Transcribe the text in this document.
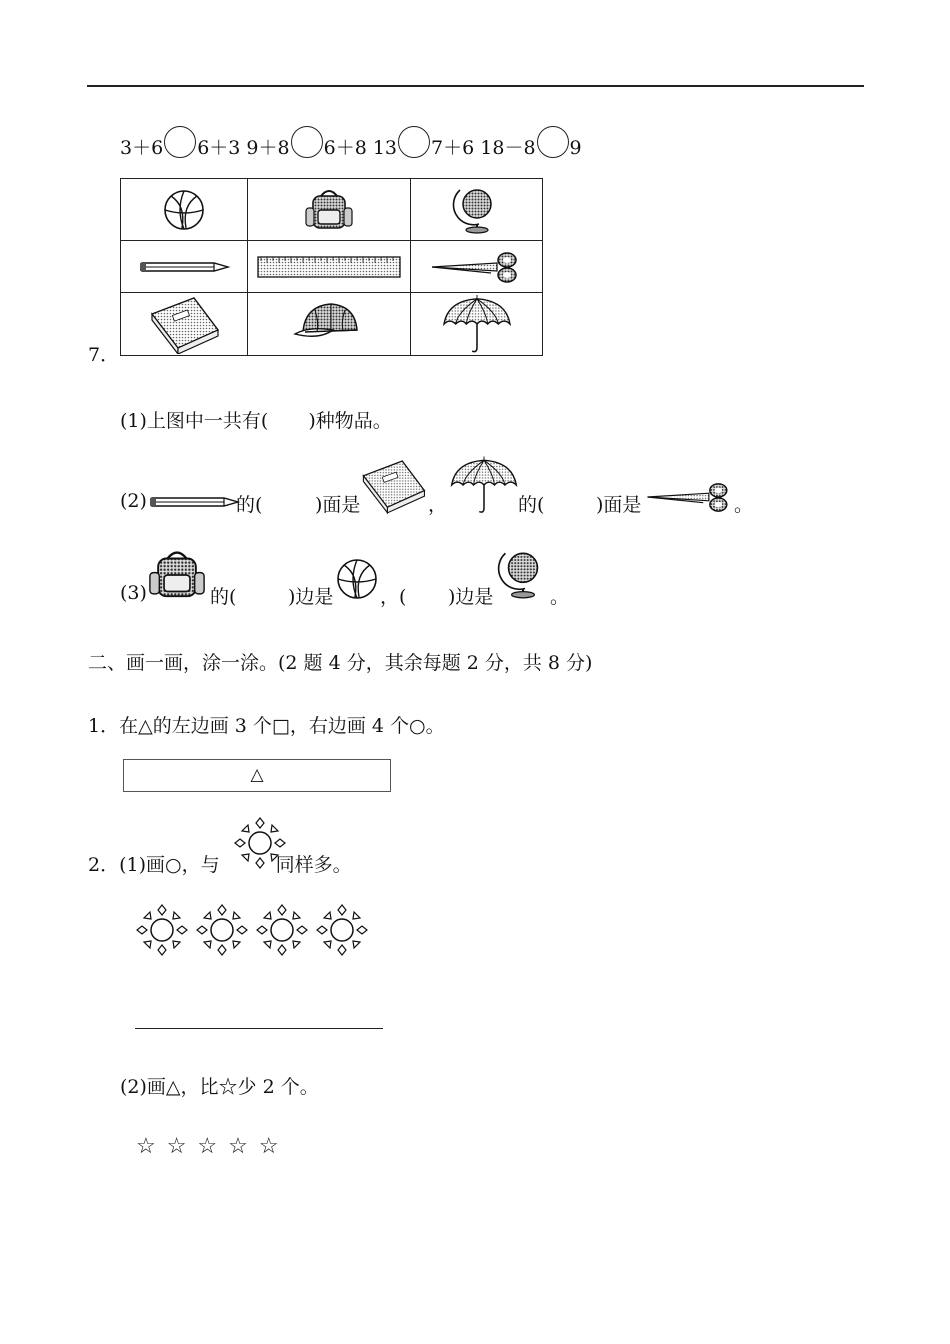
3＋6 6＋3 9＋8 6＋8 13 7＋6 18－8 9
7．

(1)上图中一共有( )种物品。
(2)	的(	)面是	，	的(	)面是	。
(3)	的(	)边是 ，( )边是	。
二、画一画，涂一涂。(2 题 4 分，其余每题 2 分，共 8 分)
1．在△的左边画 3 个□，右边画 4 个○。
△
2．(1)画○，与	同样多。
(2)画△，比☆少 2 个。
☆ ☆ ☆ ☆ ☆
